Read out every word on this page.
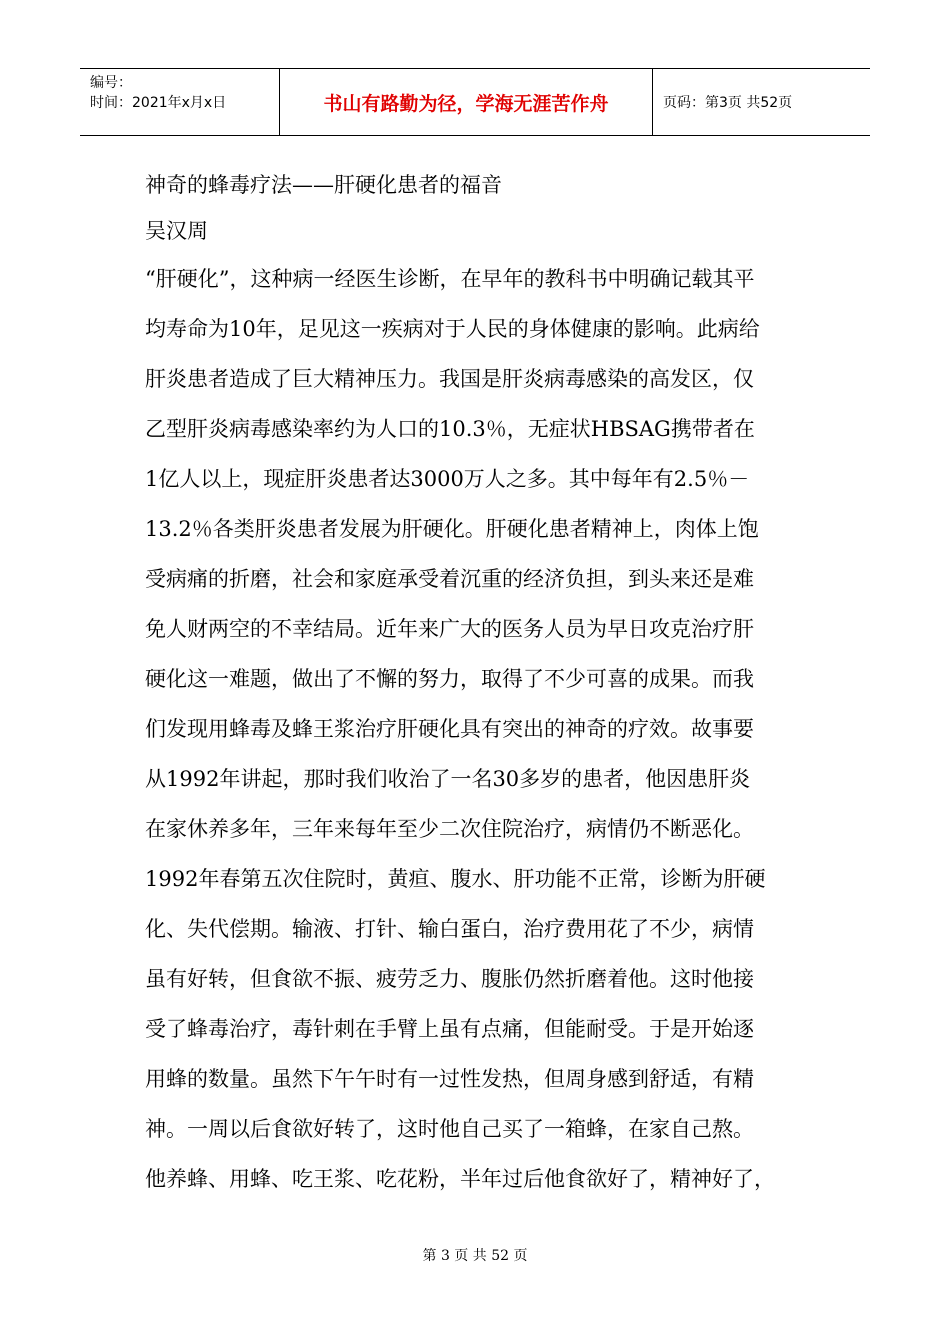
编号：
时间：2021年x月x日	书山有路勤为径，学海无涯苦作舟	页码：第3页 共52页
神奇的蜂毒疗法——肝硬化患者的福音
吴汉周
“肝硬化”，这种病一经医生诊断，在早年的教科书中明确记载其平
均寿命为10年，足见这一疾病对于人民的身体健康的影响。此病给
肝炎患者造成了巨大精神压力。我国是肝炎病毒感染的高发区，仅
乙型肝炎病毒感染率约为人口的10.3％，无症状HBSAG携带者在
1亿人以上，现症肝炎患者达3000万人之多。其中每年有2.5％－
13.2％各类肝炎患者发展为肝硬化。肝硬化患者精神上，肉体上饱
受病痛的折磨，社会和家庭承受着沉重的经济负担，到头来还是难
免人财两空的不幸结局。近年来广大的医务人员为早日攻克治疗肝
硬化这一难题，做出了不懈的努力，取得了不少可喜的成果。而我
们发现用蜂毒及蜂王浆治疗肝硬化具有突出的神奇的疗效。故事要
从1992年讲起，那时我们收治了一名30多岁的患者，他因患肝炎
在家休养多年，三年来每年至少二次住院治疗，病情仍不断恶化。
1992年春第五次住院时，黄疸、腹水、肝功能不正常，诊断为肝硬
化、失代偿期。输液、打针、输白蛋白，治疗费用花了不少，病情
虽有好转，但食欲不振、疲劳乏力、腹胀仍然折磨着他。这时他接
受了蜂毒治疗，毒针刺在手臂上虽有点痛，但能耐受。于是开始逐
用蜂的数量。虽然下午午时有一过性发热，但周身感到舒适，有精
神。一周以后食欲好转了，这时他自己买了一箱蜂，在家自己熬。
他养蜂、用蜂、吃王浆、吃花粉，半年过后他食欲好了，精神好了，
第 3 页 共 52 页
